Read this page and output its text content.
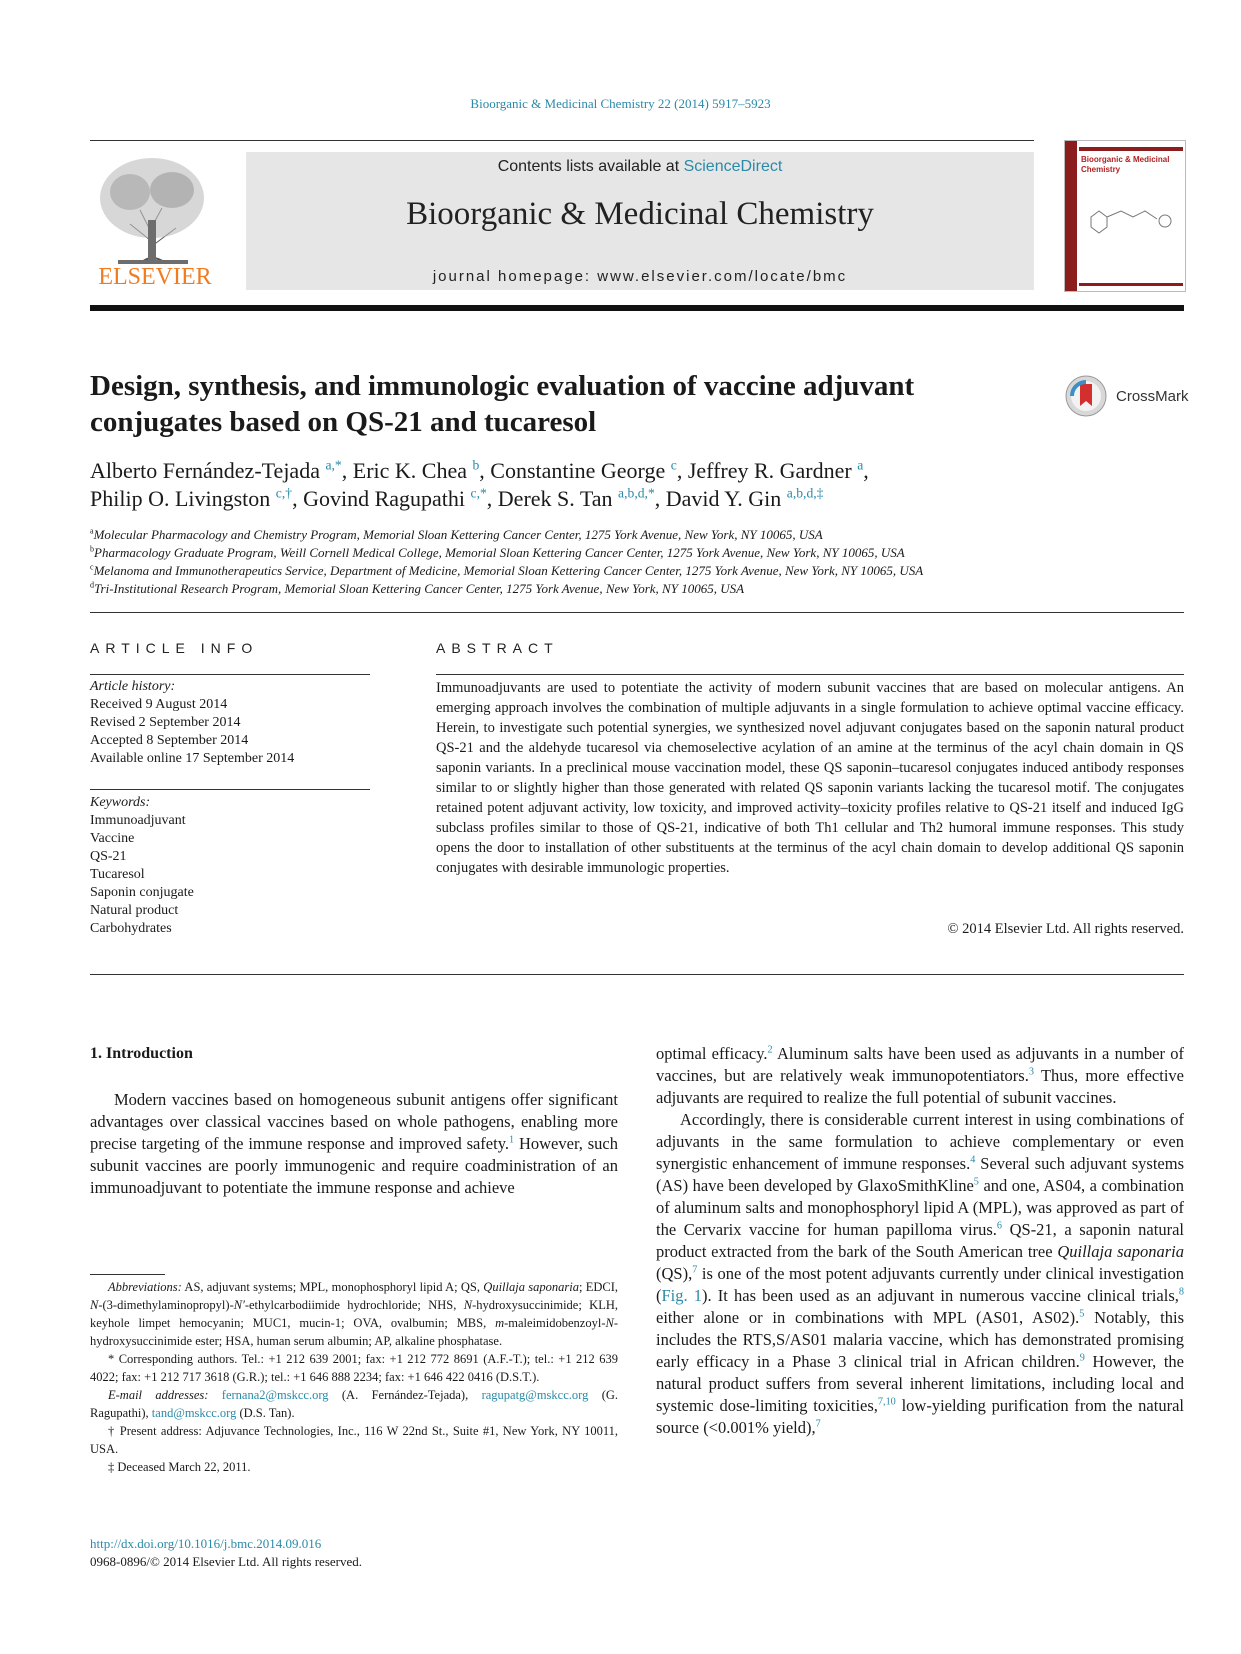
Bioorganic & Medicinal Chemistry 22 (2014) 5917–5923
ELSEVIER
Contents lists available at ScienceDirect
Bioorganic & Medicinal Chemistry
journal homepage: www.elsevier.com/locate/bmc
Bioorganic & Medicinal Chemistry
Design, synthesis, and immunologic evaluation of vaccine adjuvant conjugates based on QS-21 and tucaresol
CrossMark
Alberto Fernández-Tejada $^{a,*}$, Eric K. Chea $^b$, Constantine George $^c$, Jeffrey R. Gardner $^a$,
Philip O. Livingston $^{c,\dagger}$, Govind Ragupathi $^{c,*}$, Derek S. Tan $^{a,b,d,*}$, David Y. Gin $^{a,b,d,\ddagger}$
$^a$Molecular Pharmacology and Chemistry Program, Memorial Sloan Kettering Cancer Center, 1275 York Avenue, New York, NY 10065, USA
$^b$Pharmacology Graduate Program, Weill Cornell Medical College, Memorial Sloan Kettering Cancer Center, 1275 York Avenue, New York, NY 10065, USA
$^c$Melanoma and Immunotherapeutics Service, Department of Medicine, Memorial Sloan Kettering Cancer Center, 1275 York Avenue, New York, NY 10065, USA
$^d$Tri-Institutional Research Program, Memorial Sloan Kettering Cancer Center, 1275 York Avenue, New York, NY 10065, USA
ARTICLE INFO	ABSTRACT
Article history:
Received 9 August 2014
Revised 2 September 2014
Accepted 8 September 2014
Available online 17 September 2014
Keywords:
Immunoadjuvant
Vaccine
QS-21
Tucaresol
Saponin conjugate
Natural product
Carbohydrates
Immunoadjuvants are used to potentiate the activity of modern subunit vaccines that are based on molecular antigens. An emerging approach involves the combination of multiple adjuvants in a single formulation to achieve optimal vaccine efficacy. Herein, to investigate such potential synergies, we synthesized novel adjuvant conjugates based on the saponin natural product QS-21 and the aldehyde tucaresol via chemoselective acylation of an amine at the terminus of the acyl chain domain in QS saponin variants. In a preclinical mouse vaccination model, these QS saponin–tucaresol conjugates induced antibody responses similar to or slightly higher than those generated with related QS saponin variants lacking the tucaresol motif. The conjugates retained potent adjuvant activity, low toxicity, and improved activity–toxicity profiles relative to QS-21 itself and induced IgG subclass profiles similar to those of QS-21, indicative of both Th1 cellular and Th2 humoral immune responses. This study opens the door to installation of other substituents at the terminus of the acyl chain domain to develop additional QS saponin conjugates with desirable immunologic properties.
© 2014 Elsevier Ltd. All rights reserved.
1. Introduction
Modern vaccines based on homogeneous subunit antigens offer significant advantages over classical vaccines based on whole pathogens, enabling more precise targeting of the immune response and improved safety.$^1$ However, such subunit vaccines are poorly immunogenic and require coadministration of an immunoadjuvant to potentiate the immune response and achieve

Abbreviations: AS, adjuvant systems; MPL, monophosphoryl lipid A; QS, Quillaja saponaria; EDCI, N-(3-dimethylaminopropyl)-N′-ethylcarbodiimide hydrochloride; NHS, N-hydroxysuccinimide; KLH, keyhole limpet hemocyanin; MUC1, mucin-1; OVA, ovalbumin; MBS, m-maleimidobenzoyl-N-hydroxysuccinimide ester; HSA, human serum albumin; AP, alkaline phosphatase.

* Corresponding authors. Tel.: +1 212 639 2001; fax: +1 212 772 8691 (A.F.-T.); tel.: +1 212 639 4022; fax: +1 212 717 3618 (G.R.); tel.: +1 646 888 2234; fax: +1 646 422 0416 (D.S.T.).

E-mail addresses: fernana2@mskcc.org (A. Fernández-Tejada), ragupatg@mskcc.org (G. Ragupathi), tand@mskcc.org (D.S. Tan).

† Present address: Adjuvance Technologies, Inc., 116 W 22nd St., Suite #1, New York, NY 10011, USA.

‡ Deceased March 22, 2011.

http://dx.doi.org/10.1016/j.bmc.2014.09.016
0968-0896/© 2014 Elsevier Ltd. All rights reserved.

optimal efficacy.$^2$ Aluminum salts have been used as adjuvants in a number of vaccines, but are relatively weak immunopotentiators.$^3$ Thus, more effective adjuvants are required to realize the full potential of subunit vaccines.

Accordingly, there is considerable current interest in using combinations of adjuvants in the same formulation to achieve complementary or even synergistic enhancement of immune responses.$^4$ Several such adjuvant systems (AS) have been developed by GlaxoSmithKline$^5$ and one, AS04, a combination of aluminum salts and monophosphoryl lipid A (MPL), was approved as part of the Cervarix vaccine for human papilloma virus.$^6$ QS-21, a saponin natural product extracted from the bark of the South American tree Quillaja saponaria (QS),$^7$ is one of the most potent adjuvants currently under clinical investigation (Fig. 1). It has been used as an adjuvant in numerous vaccine clinical trials,$^8$ either alone or in combinations with MPL (AS01, AS02).$^5$ Notably, this includes the RTS,S/AS01 malaria vaccine, which has demonstrated promising early efficacy in a Phase 3 clinical trial in African children.$^9$ However, the natural product suffers from several inherent limitations, including local and systemic dose-limiting toxicities,$^{7,10}$ low-yielding purification from the natural source (<0.001% yield),$^7$
